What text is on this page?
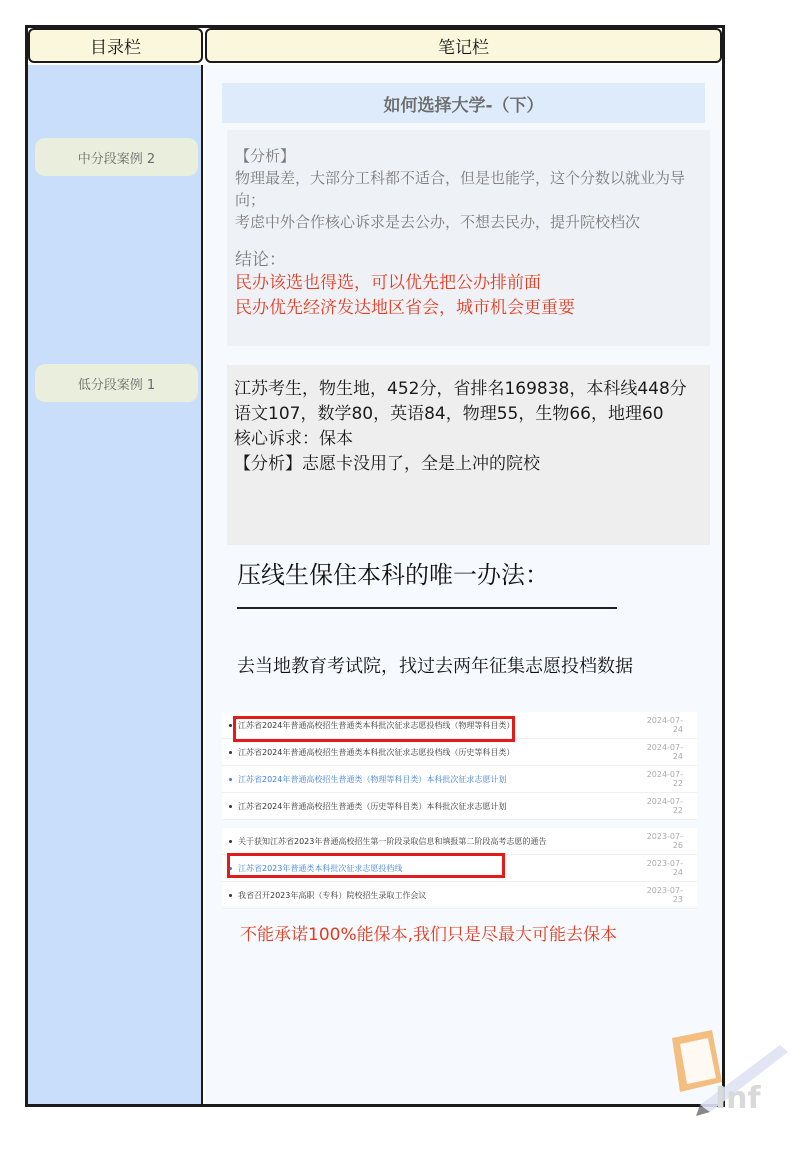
目录栏	笔记栏
中分段案例 2
低分段案例 1
如何选择大学-（下）
【分析】
物理最差，大部分工科都不适合，但是也能学，这个分数以就业为导向；
考虑中外合作核心诉求是去公办，不想去民办，提升院校档次
结论：
民办该选也得选，可以优先把公办排前面
民办优先经济发达地区省会，城市机会更重要
江苏考生，物生地，452分，省排名169838，本科线448分
语文107，数学80，英语84，物理55，生物66，地理60
核心诉求：保本
【分析】志愿卡没用了，全是上冲的院校
压线生保住本科的唯一办法：
去当地教育考试院，找过去两年征集志愿投档数据
江苏省2024年普通高校招生普通类本科批次征求志愿投档线（物理等科目类）	2024-07-24
江苏省2024年普通高校招生普通类本科批次征求志愿投档线（历史等科目类）	2024-07-24
江苏省2024年普通高校招生普通类（物理等科目类）本科批次征求志愿计划	2024-07-22
江苏省2024年普通高校招生普通类（历史等科目类）本科批次征求志愿计划	2024-07-22
关于获知江苏省2023年普通高校招生第一阶段录取信息和填报第二阶段高考志愿的通告	2023-07-26
江苏省2023年普通类本科批次征求志愿投档线	2023-07-24
我省召开2023年高职（专科）院校招生录取工作会议	2023-07-23
不能承诺100%能保本,我们只是尽最大可能去保本
Inf
